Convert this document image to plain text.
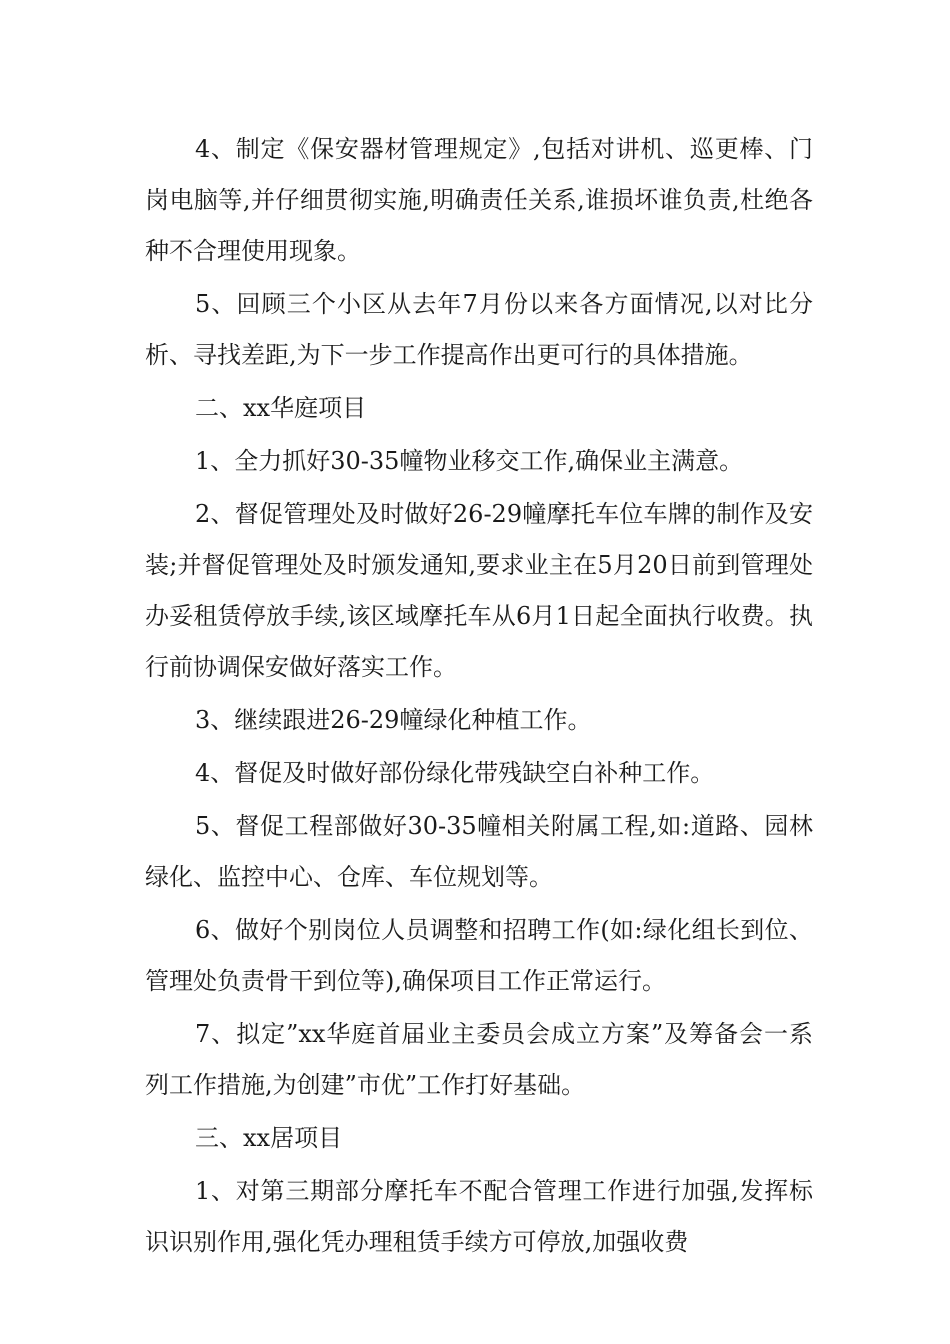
4、制定《保安器材管理规定》,包括对讲机、巡更棒、门岗电脑等,并仔细贯彻实施,明确责任关系,谁损坏谁负责,杜绝各种不合理使用现象。

5、回顾三个小区从去年7月份以来各方面情况,以对比分析、寻找差距,为下一步工作提高作出更可行的具体措施。

二、xx华庭项目

1、全力抓好30-35幢物业移交工作,确保业主满意。

2、督促管理处及时做好26-29幢摩托车位车牌的制作及安装;并督促管理处及时颁发通知,要求业主在5月20日前到管理处办妥租赁停放手续,该区域摩托车从6月1日起全面执行收费。执行前协调保安做好落实工作。

3、继续跟进26-29幢绿化种植工作。

4、督促及时做好部份绿化带残缺空白补种工作。

5、督促工程部做好30-35幢相关附属工程,如:道路、园林绿化、监控中心、仓库、车位规划等。

6、做好个别岗位人员调整和招聘工作(如:绿化组长到位、管理处负责骨干到位等),确保项目工作正常运行。

7、拟定”xx华庭首届业主委员会成立方案”及筹备会一系列工作措施,为创建”市优”工作打好基础。

三、xx居项目

1、对第三期部分摩托车不配合管理工作进行加强,发挥标识识别作用,强化凭办理租赁手续方可停放,加强收费
